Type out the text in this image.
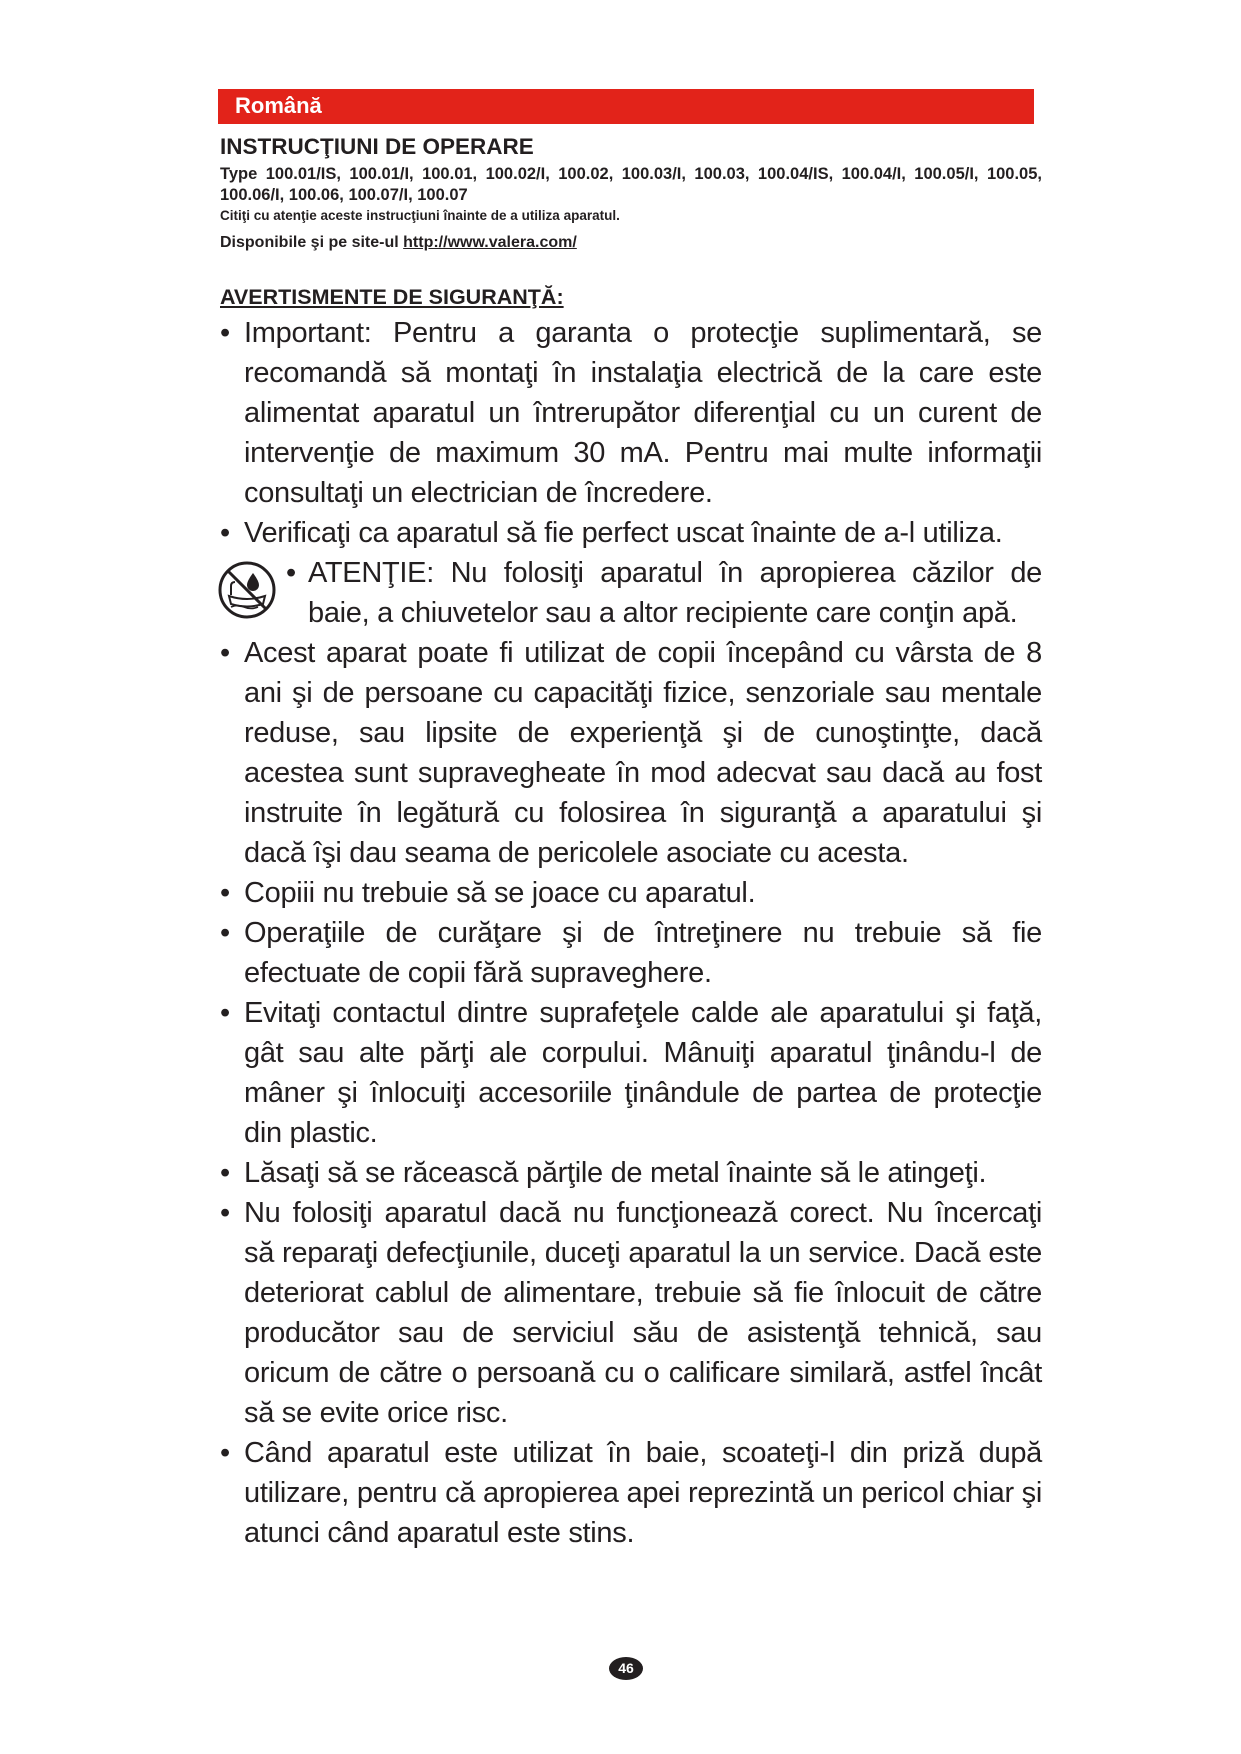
Română
INSTRUCŢIUNI DE OPERARE
Type 100.01/IS, 100.01/I, 100.01, 100.02/I, 100.02, 100.03/I, 100.03, 100.04/IS, 100.04/I, 100.05/I, 100.05, 100.06/I, 100.06, 100.07/I, 100.07
Citiţi cu atenţie aceste instrucţiuni înainte de a utiliza aparatul.
Disponibile şi pe site-ul http://www.valera.com/
AVERTISMENTE DE SIGURANŢĂ:
• Important: Pentru a garanta o protecţie suplimentară, se recomandă să montaţi în instalaţia electrică de la care este alimentat aparatul un întrerupător diferenţial cu un curent de intervenţie de maximum 30 mA. Pentru mai multe informaţii consultaţi un electrician de încredere.
• Verificaţi ca aparatul să fie perfect uscat înainte de a-l utiliza.
• ATENŢIE: Nu folosiţi aparatul în apropierea căzilor de baie, a chiuvetelor sau a altor recipiente care conţin apă.
• Acest aparat poate fi utilizat de copii începând cu vârsta de 8 ani şi de persoane cu capacităţi fizice, senzoriale sau mentale reduse, sau lipsite de experienţă şi de cunoştinţte, dacă acestea sunt supravegheate în mod adecvat sau dacă au fost instruite în legătură cu folosirea în siguranţă a aparatului şi dacă îşi dau seama de pericolele asociate cu acesta.
• Copiii nu trebuie să se joace cu aparatul.
• Operaţiile de curăţare şi de întreţinere nu trebuie să fie efectuate de copii fără supraveghere.
• Evitaţi contactul dintre suprafeţele calde ale aparatului şi faţă, gât sau alte părţi ale corpului. Mânuiţi aparatul ţinându-l de mâner şi înlocuiţi accesoriile ţinândule de partea de protecţie din plastic.
• Lăsaţi să se răcească părţile de metal înainte să le atingeţi.
• Nu folosiţi aparatul dacă nu funcţionează corect. Nu încercaţi să reparaţi defecţiunile, duceţi aparatul la un service. Dacă este deteriorat cablul de alimentare, trebuie să fie înlocuit de către producător sau de serviciul său de asistenţă tehnică, sau oricum de către o persoană cu o calificare similară, astfel încât să se evite orice risc.
• Când aparatul este utilizat în baie, scoateţi-l din priză după utilizare, pentru că apropierea apei reprezintă un pericol chiar şi atunci când aparatul este stins.
46
